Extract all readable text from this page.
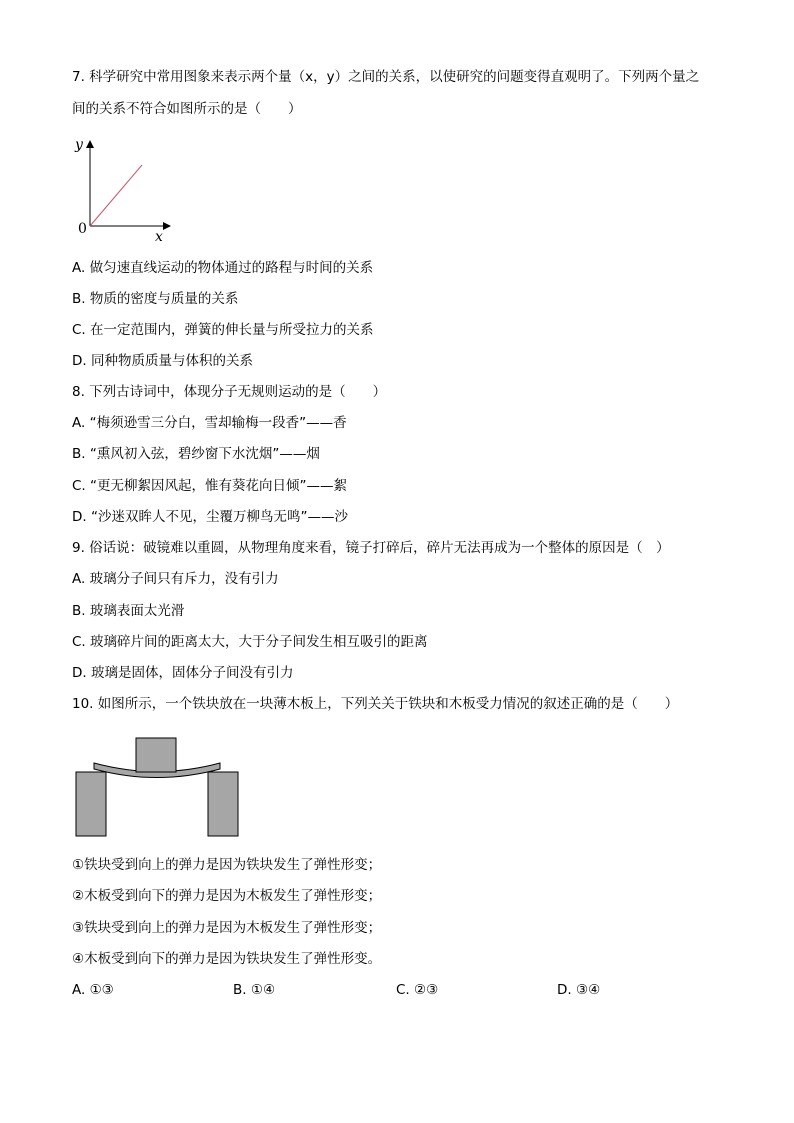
7. 科学研究中常用图象来表示两个量（x，y）之间的关系，以使研究的问题变得直观明了。下列两个量之
间的关系不符合如图所示的是（　　）
y
x
0
A. 做匀速直线运动的物体通过的路程与时间的关系
B. 物质的密度与质量的关系
C. 在一定范围内，弹簧的伸长量与所受拉力的关系
D. 同种物质质量与体积的关系
8. 下列古诗词中，体现分子无规则运动的是（　　）
A. “梅须逊雪三分白，雪却输梅一段香”——香
B. “熏风初入弦，碧纱窗下水沈烟”——烟
C. “更无柳絮因风起，惟有葵花向日倾”——絮
D. “沙迷双眸人不见，尘覆万柳鸟无鸣”——沙
9. 俗话说：破镜难以重圆，从物理角度来看，镜子打碎后，碎片无法再成为一个整体的原因是（　）
A. 玻璃分子间只有斥力，没有引力
B. 玻璃表面太光滑
C. 玻璃碎片间的距离太大，大于分子间发生相互吸引的距离
D. 玻璃是固体，固体分子间没有引力
10. 如图所示，一个铁块放在一块薄木板上，下列关关于铁块和木板受力情况的叙述正确的是（　　）
①铁块受到向上的弹力是因为铁块发生了弹性形变；
②木板受到向下的弹力是因为木板发生了弹性形变；
③铁块受到向上的弹力是因为木板发生了弹性形变；
④木板受到向下的弹力是因为铁块发生了弹性形变。
A. ①③	B. ①④	C. ②③	D. ③④
